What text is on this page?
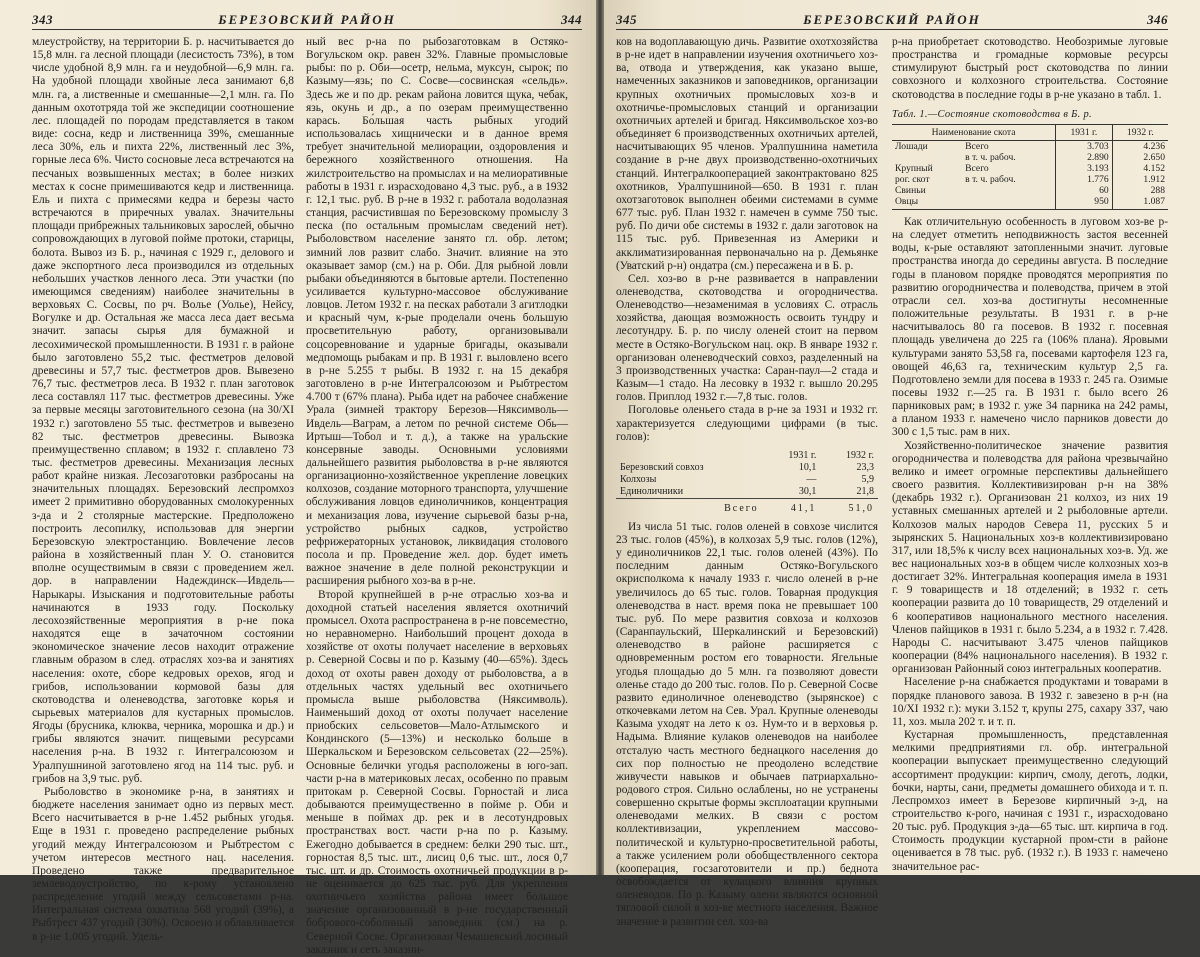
343	БЕРЕЗОВСКИЙ РАЙОН	344

млеустройству, на территории Б. р. насчитывается до 15,8 млн. га лесной площади (лесистость 73%), в том числе удобной 8,9 млн. га и неудобной—6,9 млн. га. На удобной площади хвойные леса занимают 6,8 млн. га, а лиственные и смешанные—2,1 млн. га. По данным охототряда той же экспедиции соотношение лес. площадей по породам представляется в таком виде: сосна, кедр и лиственница 39%, смешанные леса 30%, ель и пихта 22%, лиственный лес 3%, горные леса 6%. Чисто сосновые леса встречаются на песчаных возвышенных местах; в более низких местах к сосне примешиваются кедр и лиственница. Ель и пихта с примесями кедра и березы часто встречаются в приречных увалах. Значительны площади прибрежных тальниковых зарослей, обычно сопровождающих в луговой пойме протоки, старицы, болота. Вывоз из Б. р., начиная с 1929 г., делового и даже экспортного леса производился из отдельных небольших участков ленного леса. Эти участки (по имеющимся сведениям) наиболее значительны в верховьях С. Сосвы, по рч. Волье (Уолье), Нейсу, Вогулке и др. Остальная же масса леса дает весьма значит. запасы сырья для бумажной и лесохимической промышленности. В 1931 г. в районе было заготовлено 55,2 тыс. фестметров деловой древесины и 57,7 тыс. фестметров дров. Вывезено 76,7 тыс. фестметров леса. В 1932 г. план заготовок леса составлял 117 тыс. фестметров древесины. Уже за первые месяцы заготовительного сезона (на 30/XI 1932 г.) заготовлено 55 тыс. фестметров и вывезено 82 тыс. фестметров древесины. Вывозка преимущественно сплавом; в 1932 г. сплавлено 73 тыс. фестметров древесины. Механизация лесных работ крайне низкая. Лесозаготовки разбросаны на значительных площадях. Березовский леспромхоз имеет 2 примитивно оборудованных смолокуренных з-да и 2 столярные мастерские. Предположено построить лесопилку, использовав для энергии Березовскую электростанцию. Вовлечение лесов района в хозяйственный план У. О. становится вполне осуществимым в связи с проведением жел. дор. в направлении Надеждинск—Ивдель—Нарыкары. Изыскания и подготовительные работы начинаются в 1933 году. Поскольку лесохозяйственные мероприятия в р-не пока находятся еще в зачаточном состоянии экономическое значение лесов находит отражение главным образом в след. отраслях хоз-ва и занятиях населения: охоте, сборе кедровых орехов, ягод и грибов, использовании кормовой базы для скотоводства и оленеводства, заготовке корья и сырьевых материалов для кустарных промыслов. Ягоды (брусника, клюква, черника, морошка и др.) и грибы являются значит. пищевыми ресурсами населения р-на. В 1932 г. Интегралсоюзом и Уралпушниной заготовлено ягод на 114 тыс. руб. и грибов на 3,9 тыс. руб.

Рыболовство в экономике р-на, в занятиях и бюджете населения занимает одно из первых мест. Всего насчитывается в р-не 1.452 рыбных угодья. Еще в 1931 г. проведено распределение рыбных угодий между Интегралсоюзом и Рыбтрестом с учетом интересов местного нац. населения. Проведено также предварительное землеводоустройство, по к-рому установлено распределение угодий между сельсоветами р-на. Интегральная система охватила 568 угодий (39%), а Рыбтрест 437 угодий (30%). Освоено и облавливается в р-не 1.005 угодий. Удель-

ный вес р-на по рыбозаготовкам в Остяко-Вогульском окр. равен 32%. Главные промысловые рыбы: по р. Оби—осетр, нельма, муксун, сырок; по Казыму—язь; по С. Сосве—сосвинская «сельдь». Здесь же и по др. рекам района ловится щука, чебак, язь, окунь и др., а по озерам преимущественно карась. Бо́льшая часть рыбных угодий использовалась хищнически и в данное время требует значительной мелиорации, оздоровления и бережного хозяйственного отношения. На жилстроительство на промыслах и на мелиоративные работы в 1931 г. израсходовано 4,3 тыс. руб., а в 1932 г. 12,1 тыс. руб. В р-не в 1932 г. работала водолазная станция, расчистившая по Березовскому промыслу 3 песка (по остальным промыслам сведений нет). Рыболовством население занято гл. обр. летом; зимний лов развит слабо. Значит. влияние на это оказывает замор (см.) на р. Оби. Для рыбной ловли рыбаки объединяются в бытовые артели. Постепенно усиливается культурно-массовое обслуживание ловцов. Летом 1932 г. на песках работали 3 агитлодки и красный чум, к-рые проделали очень большую просветительную работу, организовывали соцсоревнование и ударные бригады, оказывали медпомощь рыбакам и пр. В 1931 г. выловлено всего в р-не 5.255 т рыбы. В 1932 г. на 15 декабря заготовлено в р-не Интегралсоюзом и Рыбтрестом 4.700 т (67% плана). Рыба идет на рабочее снабжение Урала (зимней трактору Березов—Няксимволь—Ивдель—Ваграм, а летом по речной системе Обь—Иртыш—Тобол и т. д.), а также на уральские консервные заводы. Основными условиями дальнейшего развития рыболовства в р-не являются организационно-хозяйственное укрепление ловецких колхозов, создание моторного транспорта, улучшение обслуживания ловцов единоличников, концентрация и механизация лова, изучение сырьевой базы р-на, устройство рыбных садков, устройство рефрижераторных установок, ликвидация столового посола и пр. Проведение жел. дор. будет иметь важное значение в деле полной реконструкции и расширения рыбного хоз-ва в р-не.

Второй крупнейшей в р-не отраслью хоз-ва и доходной статьей населения является охотничий промысел. Охота распространена в р-не повсеместно, но неравномерно. Наибольший процент дохода в хозяйстве от охоты получает население в верховьях р. Северной Сосвы и по р. Казыму (40—65%). Здесь доход от охоты равен доходу от рыболовства, а в отдельных частях удельный вес охотничьего промысла выше рыболовства (Няксимволь). Наименьший доход от охоты получает население приобских сельсоветов—Мало-Атлымского и Кондинского (5—13%) и несколько больше в Шеркальском и Березовском сельсоветах (22—25%). Основные белички угодья расположены в юго-зап. части р-на в материковых лесах, особенно по правым притокам р. Северной Сосвы. Горностай и лиса добываются преимущественно в пойме р. Оби и меньше в поймах др. рек и в лесотундровых пространствах вост. части р-на по р. Казыму. Ежегодно добывается в среднем: белки 290 тыс. шт., горностая 8,5 тыс. шт., лисиц 0,6 тыс. шт., лося 0,7 тыс. шт. и др. Стоимость охотничьей продукции в р-не оценивается до 625 тыс. руб. Для укрепления охотничьего хозяйства района имеет большое значение организованный в р-не государственный бобрового-соболиный заповедник (см.) на р. Северной Сосве. Организован Чемашевский лосиный заказник и сеть заказни-

345	БЕРЕЗОВСКИЙ РАЙОН	346

ков на водоплавающую дичь. Развитие охотхозяйства в р-не идет в направлении изучения охотничьего хоз-ва, отвода и утверждения, как указано выше, намеченных заказников и заповедников, организации крупных охотничьих промысловых хоз-в и охотничье-промысловых станций и организации охотничьих артелей и бригад. Няксимвольское хоз-во объединяет 6 производственных охотничьих артелей, насчитывающих 95 членов. Уралпушнина наметила создание в р-не двух производственно-охотничьих станций. Интегралкооперацией законтрактовано 825 охотников, Уралпушниной—650. В 1931 г. план охотзаготовок выполнен обеими системами в сумме 677 тыс. руб. План 1932 г. намечен в сумме 750 тыс. руб. По дичи обе системы в 1932 г. дали заготовок на 115 тыс. руб. Привезенная из Америки и акклиматизированная первоначально на р. Демьянке (Уватский р-н) ондатра (см.) пересажена и в Б. р.

Сел. хоз-во в р-не развивается в направлении оленеводства, скотоводства и огородничества. Оленеводство—незаменимая в условиях С. отрасль хозяйства, дающая возможность освоить тундру и лесотундру. Б. р. по числу оленей стоит на первом месте в Остяко-Вогульском нац. окр. В январе 1932 г. организован оленеводческий совхоз, разделенный на 3 производственных участка: Саран-паул—2 стада и Казым—1 стадо. На лесовку в 1932 г. вышло 20.295 голов. Приплод 1932 г.—7,8 тыс. голов.

Поголовье оленьего стада в р-не за 1931 и 1932 гг. характеризуется следующими цифрами (в тыс. голов):

	1931 г.	1932 г.
Березовский совхоз	10,1	23,3
Колхозы	—	5,9
Единоличники	30,1	21,8
Всего	41,1	51,0

Из числа 51 тыс. голов оленей в совхозе числится 23 тыс. голов (45%), в колхозах 5,9 тыс. голов (12%), у единоличников 22,1 тыс. голов оленей (43%). По последним данным Остяко-Вогульского окрисполкома к началу 1933 г. число оленей в р-не увеличилось до 65 тыс. голов. Товарная продукция оленеводства в наст. время пока не превышает 100 тыс. руб. По мере развития совхоза и колхозов (Саранпаульский, Шеркалинский и Березовский) оленеводство в районе расширяется с одновременным ростом его товарности. Ягельные угодья площадью до 5 млн. га позволяют довести оленье стадо до 200 тыс. голов. По р. Северной Сосве развито единоличное оленеводство (зырянское) с откочевками летом на Сев. Урал. Крупные оленеводы Казыма уходят на лето к оз. Нум-то и в верховья р. Надыма. Влияние кулаков оленеводов на наиболее отсталую часть местного беднацкого населения до сих пор полностью не преодолено вследствие живучести навыков и обычаев патриархально-родового строя. Сильно ослаблены, но не устранены совершенно скрытые формы эксплоатации крупными оленеводами мелких. В связи с ростом коллективизации, укреплением массово-политической и культурно-просветительной работы, а также усилением роли обобществленного сектора (кооперация, госзаготовители и пр.) беднота освобождается от кулацкого влияния крупных оленеводов. По р. Казыму олени являются основной тягловой силой в хоз-ве местного населения. Важное значение в развитии сел. хоз-ва

р-на приобретает скотоводство. Необозримые луговые пространства и громадные кормовые ресурсы стимулируют быстрый рост скотоводства по линии совхозного и колхозного строительства. Состояние скотоводства в последние годы в р-не указано в табл. 1.

Табл. 1.—Состояние скотоводства в Б. р.
Наименование скота		1931 г.	1932 г.
Лошади	Всего	3.703	4.236
	в т. ч. рабоч.	2.890	2.650
Крупный	Всего	3.193	4.152
рог. скот	в т. ч. рабоч.	1.776	1.912
Свиньи		60	288
Овцы		950	1.087

Как отличительную особенность в луговом хоз-ве р-на следует отметить неподвижность застоя весенней воды, к-рые оставляют затопленными значит. луговые пространства иногда до середины августа. В последние годы в плановом порядке проводятся мероприятия по развитию огородничества и полеводства, причем в этой отрасли сел. хоз-ва достигнуты несомненные положительные результаты. В 1931 г. в р-не насчитывалось 80 га посевов. В 1932 г. посевная площадь увеличена до 225 га (106% плана). Яровыми культурами занято 53,58 га, посевами картофеля 123 га, овощей 46,63 га, техническим культур 2,5 га. Подготовлено земли для посева в 1933 г. 245 га. Озимые посевы 1932 г.—25 га. В 1931 г. было всего 26 парниковых рам; в 1932 г. уже 34 парника на 242 рамы, а планом 1933 г. намечено число парников довести до 300 с 1,5 тыс. рам в них.

Хозяйственно-политическое значение развития огородничества и полеводства для района чрезвычайно велико и имеет огромные перспективы дальнейшего своего развития. Коллективизирован р-н на 38% (декабрь 1932 г.). Организован 21 колхоз, из них 19 уставных смешанных артелей и 2 рыболовные артели. Колхозов малых народов Севера 11, русских 5 и зырянских 5. Национальных хоз-в коллективизировано 317, или 18,5% к числу всех национальных хоз-в. Уд. же вес национальных хоз-в в общем числе колхозных хоз-в достигает 32%. Интегральная кооперация имела в 1931 г. 9 товариществ и 18 отделений; в 1932 г. сеть кооперации развита до 10 товариществ, 29 отделений и 6 кооперативов национального местного населения. Членов пайщиков в 1931 г. было 5.234, а в 1932 г. 7.428. Народы С. насчитывают 3.475 членов пайщиков кооперации (84% национального населения). В 1932 г. организован Районный союз интегральных кооператив.

Население р-на снабжается продуктами и товарами в порядке планового завоза. В 1932 г. завезено в р-н (на 10/XI 1932 г.): муки 3.152 т, крупы 275, сахару 337, чаю 11, хоз. мыла 202 т. и т. п.

Кустарная промышленность, представленная мелкими предприятиями гл. обр. интегральной кооперации выпускает преимущественно следующий ассортимент продукции: кирпич, смолу, деготь, лодки, бочки, нарты, сани, предметы домашнего обихода и т. п. Леспромхоз имеет в Березове кирпичный з-д, на строительство к-рого, начиная с 1931 г., израсходовано 20 тыс. руб. Продукция з-да—65 тыс. шт. кирпича в год. Стоимость продукции кустарной пром-сти в районе оценивается в 78 тыс. руб. (1932 г.). В 1933 г. намечено значительное рас-
